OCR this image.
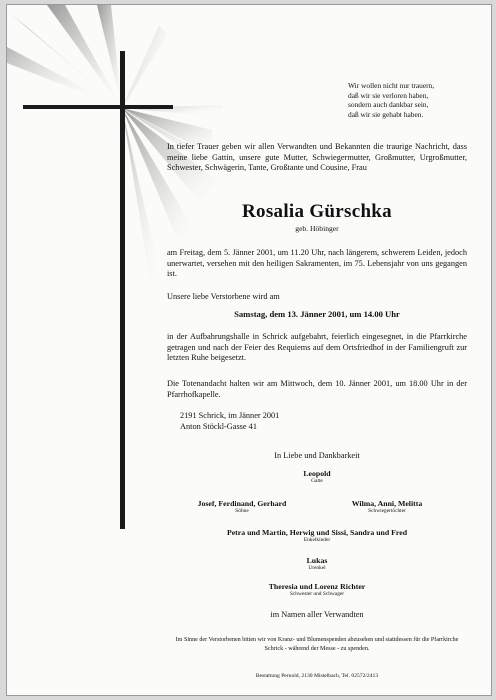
Wir wollen nicht nur trauern,
daß wir sie verloren haben,
sondern auch dankbar sein,
daß wir sie gehabt haben.
In tiefer Trauer geben wir allen Verwandten und Bekannten die traurige Nachricht, dass meine liebe Gattin, unsere gute Mutter, Schwiegermutter, Großmutter, Urgroßmutter, Schwester, Schwägerin, Tante, Großtante und Cousine, Frau
Rosalia Gürschka
geb. Höbinger
am Freitag, dem 5. Jänner 2001, um 11.20 Uhr, nach längerem, schwerem Leiden, jedoch unerwartet, versehen mit den heiligen Sakramenten, im 75. Lebensjahr von uns gegangen ist.
Unsere liebe Verstorbene wird am
Samstag, dem 13. Jänner 2001, um 14.00 Uhr
in der Aufbahrungshalle in Schrick aufgebahrt, feierlich eingesegnet, in die Pfarrkirche getragen und nach der Feier des Requiems auf dem Ortsfriedhof in der Familiengruft zur letzten Ruhe beigesetzt.
Die Totenandacht halten wir am Mittwoch, dem 10. Jänner 2001, um 18.00 Uhr in der Pfarrhofkapelle.
2191 Schrick, im Jänner 2001
Anton Stöckl-Gasse 41
In Liebe und Dankbarkeit
Leopold
Gatte
Josef, Ferdinand, Gerhard
Söhne
Wilma, Anni, Melitta
Schwiegertöchter
Petra und Martin, Herwig und Sissi, Sandra und Fred
Enkelkinder
Lukas
Urenkel
Theresia und Lorenz Richter
Schwester und Schwager
im Namen aller Verwandten
Im Sinne der Verstorbenen bitten wir von Kranz- und Blumenspenden abzusehen und stattdessen für die Pfarrkirche Schrick - während der Messe - zu spenden.
Bestattung Pernold, 2130 Mistelbach, Tel. 02572/2413
